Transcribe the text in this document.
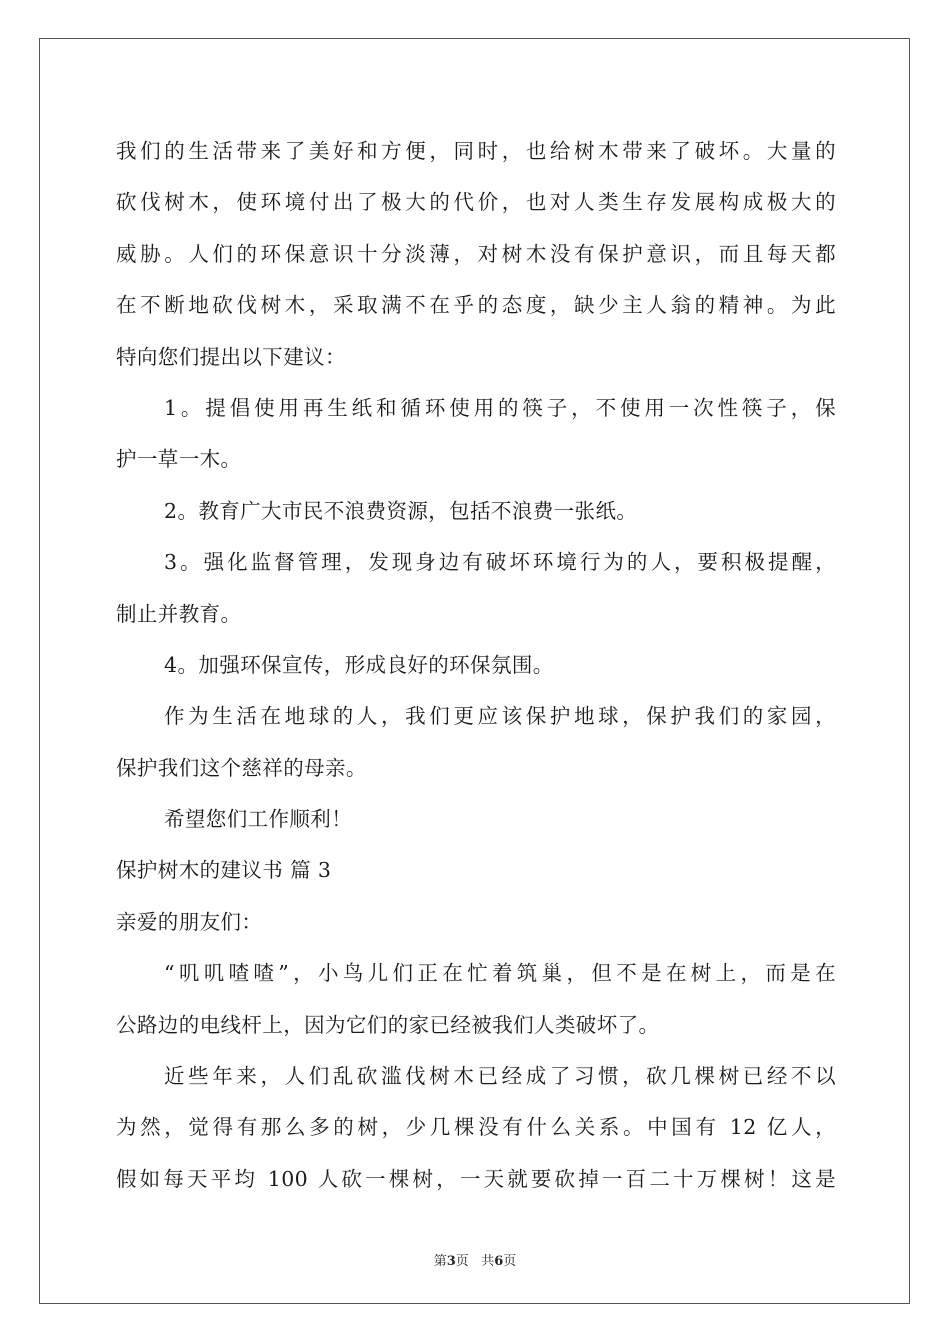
我们的生活带来了美好和方便，同时，也给树木带来了破坏。大量的
砍伐树木，使环境付出了极大的代价，也对人类生存发展构成极大的
威胁。人们的环保意识十分淡薄，对树木没有保护意识，而且每天都
在不断地砍伐树木，采取满不在乎的态度，缺少主人翁的精神。为此
特向您们提出以下建议：
1。提倡使用再生纸和循环使用的筷子，不使用一次性筷子，保
护一草一木。
2。教育广大市民不浪费资源，包括不浪费一张纸。
3。强化监督管理，发现身边有破坏环境行为的人，要积极提醒，
制止并教育。
4。加强环保宣传，形成良好的环保氛围。
作为生活在地球的人，我们更应该保护地球，保护我们的家园，
保护我们这个慈祥的母亲。
希望您们工作顺利！
保护树木的建议书 篇 3
亲爱的朋友们：
“叽叽喳喳”，小鸟儿们正在忙着筑巢，但不是在树上，而是在
公路边的电线杆上，因为它们的家已经被我们人类破坏了。
近些年来，人们乱砍滥伐树木已经成了习惯，砍几棵树已经不以
为然，觉得有那么多的树，少几棵没有什么关系。中国有 12 亿人，
假如每天平均 100 人砍一棵树，一天就要砍掉一百二十万棵树！这是
第3页 共6页
